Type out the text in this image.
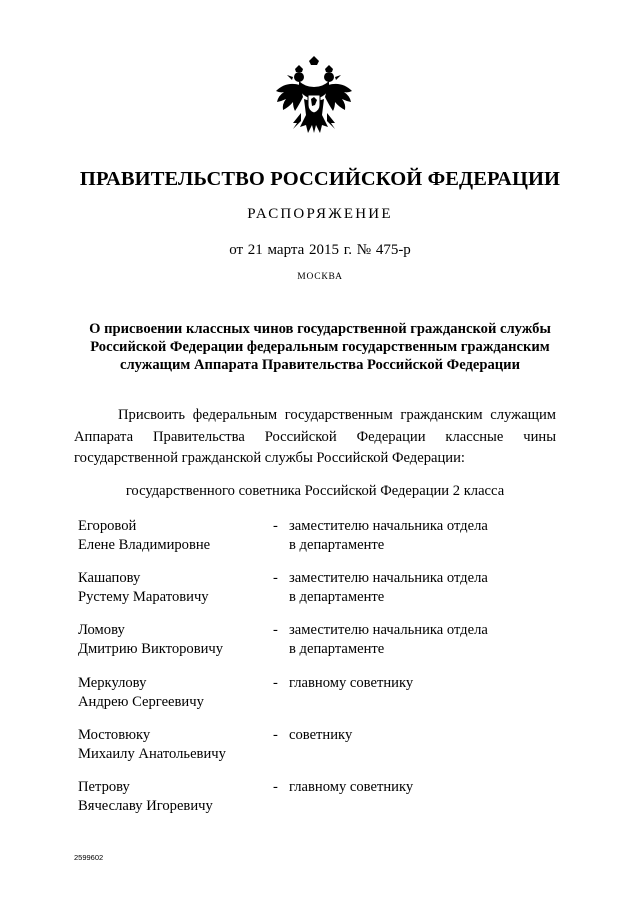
ПРАВИТЕЛЬСТВО РОССИЙСКОЙ ФЕДЕРАЦИИ
РАСПОРЯЖЕНИЕ
от 21 марта 2015 г. № 475-р
МОСКВА
О присвоении классных чинов государственной гражданской службы
Российской Федерации федеральным государственным гражданским
служащим Аппарата Правительства Российской Федерации
Присвоить федеральным государственным гражданским служащим Аппарата Правительства Российской Федерации классные чины государственной гражданской службы Российской Федерации:
государственного советника Российской Федерации 2 класса
Егоровой
Елене Владимировне
- заместителю начальника отдела
в департаменте
Кашапову
Рустему Маратовичу
- заместителю начальника отдела
в департаменте
Ломову
Дмитрию Викторовичу
- заместителю начальника отдела
в департаменте
Меркулову
Андрею Сергеевичу
- главному советнику
Мостовюку
Михаилу Анатольевичу
- советнику
Петрову
Вячеславу Игоревичу
- главному советнику
2599602
